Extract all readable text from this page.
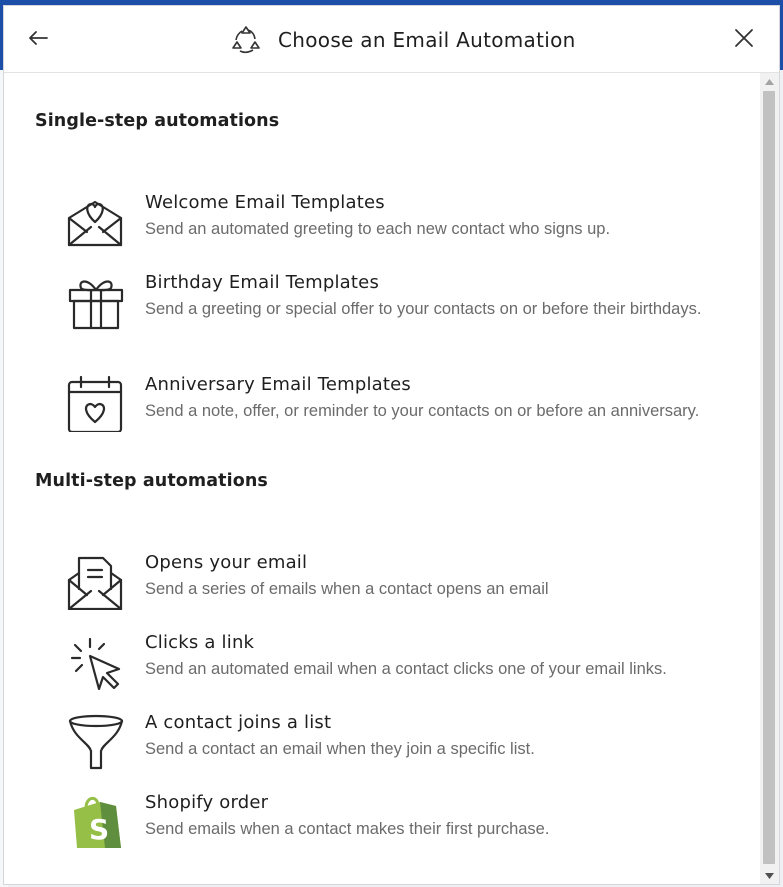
Choose an Email Automation
Single-step automations
Welcome Email Templates
Send an automated greeting to each new contact who signs up.
Birthday Email Templates
Send a greeting or special offer to your contacts on or before their birthdays.
Anniversary Email Templates
Send a note, offer, or reminder to your contacts on or before an anniversary.
Multi-step automations
Opens your email
Send a series of emails when a contact opens an email
Clicks a link
Send an automated email when a contact clicks one of your email links.
A contact joins a list
Send a contact an email when they join a specific list.
S
Shopify order
Send emails when a contact makes their first purchase.
